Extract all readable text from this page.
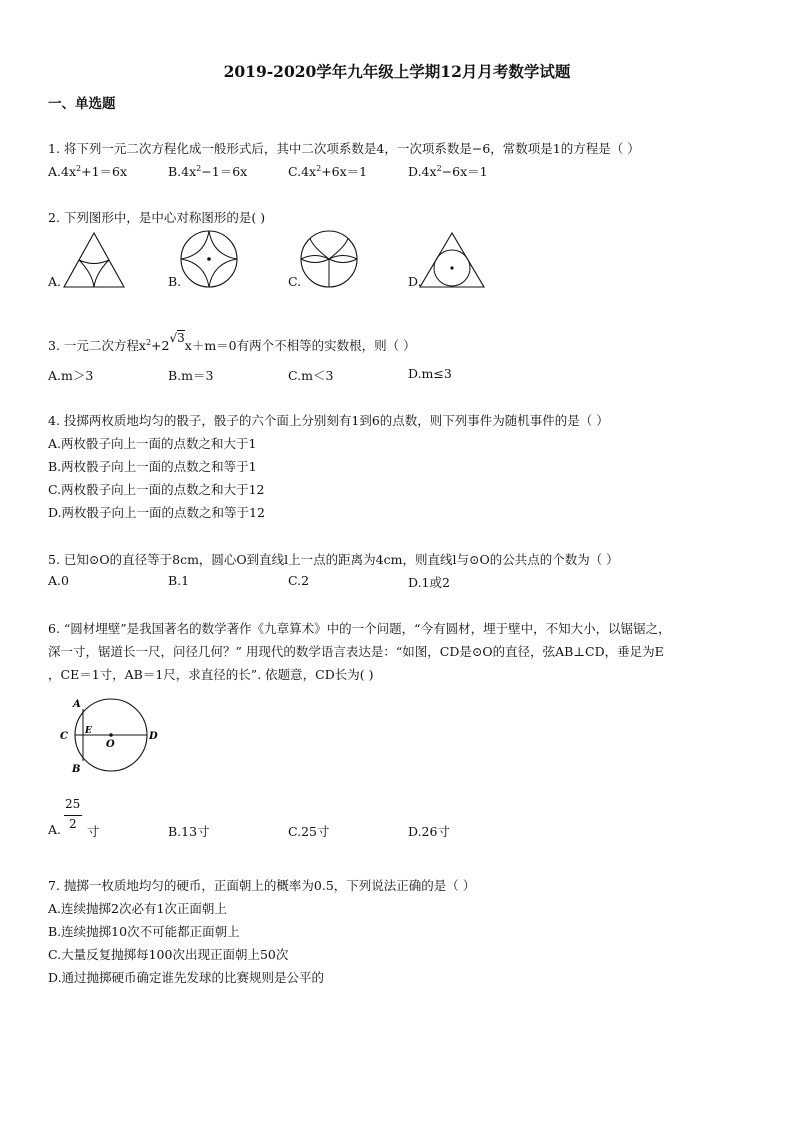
2019-2020学年九年级上学期12月月考数学试题
一、单选题
1. 将下列一元二次方程化成一般形式后，其中二次项系数是4，一次项系数是−6，常数项是1的方程是（ ）
$A.4x^2+1=6x$	$B.4x^2-1=6x$	$C.4x^2+6x=1$	$D.4x^2-6x=1$
2. 下列图形中，是中心对称图形的是( )
A.	B.	C.	D.
3. 一元二次方程$x^2+2√3x+m=0$有两个不相等的实数根，则（ ）
A.m＞3	B.m＝3	C.m＜3	D.m≤3
4. 投掷两枚质地均匀的骰子，骰子的六个面上分别刻有1到6的点数，则下列事件为随机事件的是（ ）
A.两枚骰子向上一面的点数之和大于1
B.两枚骰子向上一面的点数之和等于1
C.两枚骰子向上一面的点数之和大于12
D.两枚骰子向上一面的点数之和等于12
5. 已知⊙O的直径等于8cm，圆心O到直线l上一点的距离为4cm，则直线l与⊙O的公共点的个数为（ ）
A.0	B.1	C.2	D.1或2
6. “圆材埋壁”是我国著名的数学著作《九章算术》中的一个问题，“今有圆材，埋于壁中，不知大小，以锯锯之，
深一寸，锯道长一尺，问径几何？” 用现代的数学语言表达是：“如图，CD是⊙O的直径，弦AB⊥CD，垂足为E
，CE＝1寸，AB＝1尺，求直径的长”. 依题意，CD长为( )
A
B
C	D
E
O
A.
25
2 寸	B.13寸	C.25寸	D.26寸
7. 抛掷一枚质地均匀的硬币，正面朝上的概率为0.5，下列说法正确的是（ ）
A.连续抛掷2次必有1次正面朝上
B.连续抛掷10次不可能都正面朝上
C.大量反复抛掷每100次出现正面朝上50次
D.通过抛掷硬币确定谁先发球的比赛规则是公平的
